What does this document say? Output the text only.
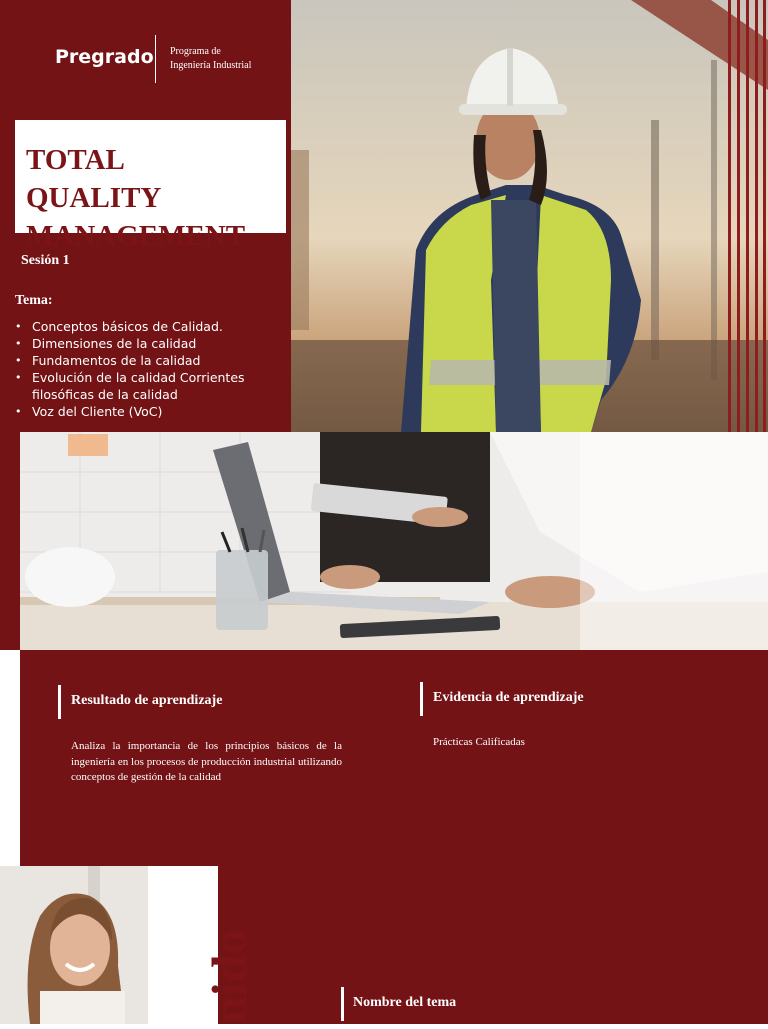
Pregrado Programa de
Ingeniería Industrial
TOTAL
QUALITY
MANAGEMENT
Sesión 1
Tema:
• Conceptos básicos de Calidad.
• Dimensiones de la calidad
• Fundamentos de la calidad
• Evolución de la calidad Corrientes filosóficas de la calidad
• Voz del Cliente (VoC)
Resultado de aprendizaje

Analiza la importancia de los principios básicos de la ingeniería en los procesos de producción industrial utilizando conceptos de gestión de la calidad

Evidencia de aprendizaje

Prácticas Calificadas

nido	Nombre del tema
